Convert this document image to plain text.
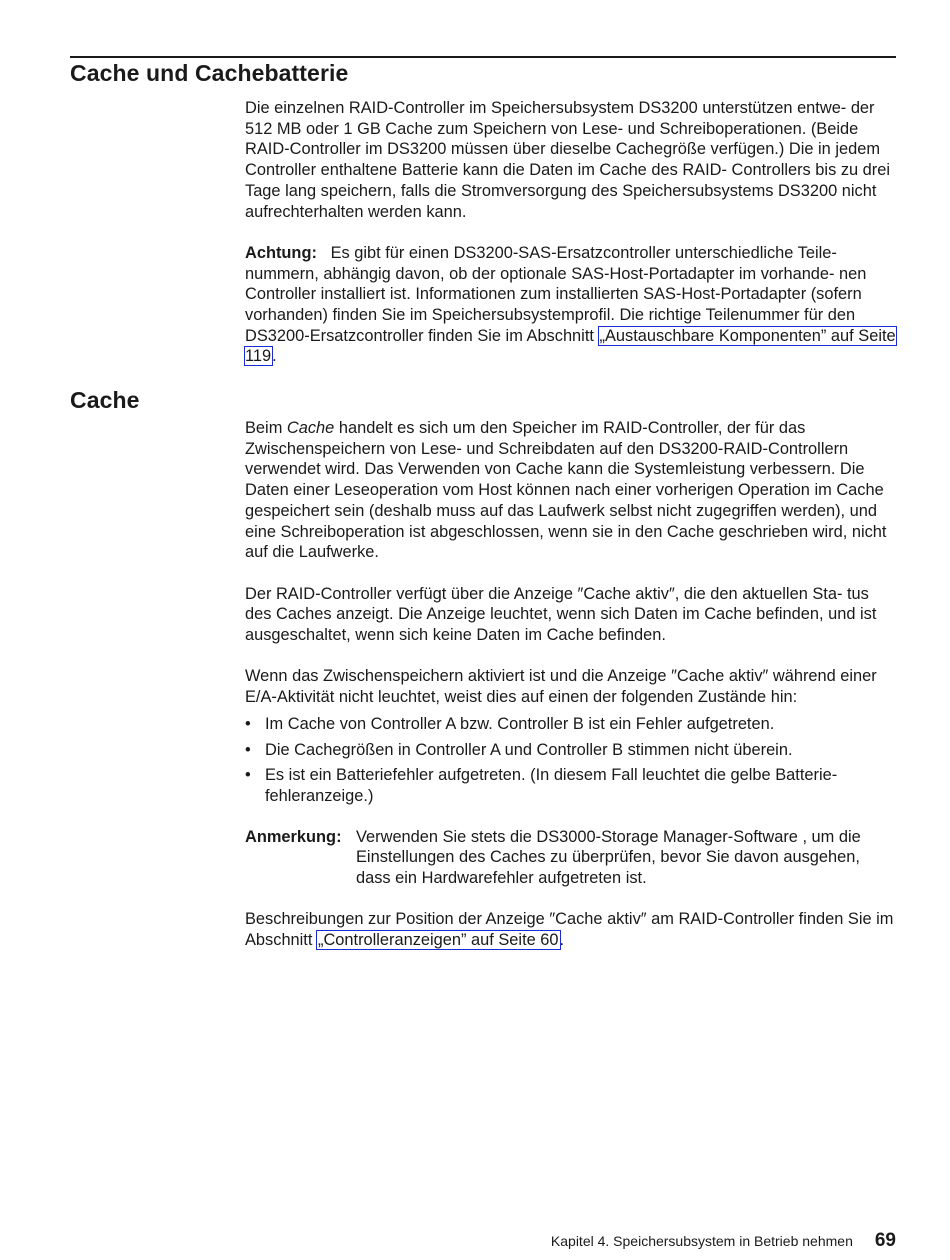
Cache und Cachebatterie

Die einzelnen RAID-Controller im Speichersubsystem DS3200 unterstützen entwe- der 512 MB oder 1 GB Cache zum Speichern von Lese- und Schreiboperationen. (Beide RAID-Controller im DS3200 müssen über dieselbe Cachegröße verfügen.) Die in jedem Controller enthaltene Batterie kann die Daten im Cache des RAID- Controllers bis zu drei Tage lang speichern, falls die Stromversorgung des Speichersubsystems DS3200 nicht aufrechterhalten werden kann.

Achtung: Es gibt für einen DS3200-SAS-Ersatzcontroller unterschiedliche Teile- nummern, abhängig davon, ob der optionale SAS-Host-Portadapter im vorhande- nen Controller installiert ist. Informationen zum installierten SAS-Host-Portadapter (sofern vorhanden) finden Sie im Speichersubsystemprofil. Die richtige Teilenummer für den DS3200-Ersatzcontroller finden Sie im Abschnitt „Austauschbare Komponenten” auf Seite 119.

Cache

Beim Cache handelt es sich um den Speicher im RAID-Controller, der für das Zwischenspeichern von Lese- und Schreibdaten auf den DS3200-RAID-Controllern verwendet wird. Das Verwenden von Cache kann die Systemleistung verbessern. Die Daten einer Leseoperation vom Host können nach einer vorherigen Operation im Cache gespeichert sein (deshalb muss auf das Laufwerk selbst nicht zugegriffen werden), und eine Schreiboperation ist abgeschlossen, wenn sie in den Cache geschrieben wird, nicht auf die Laufwerke.

Der RAID-Controller verfügt über die Anzeige ″Cache aktiv″, die den aktuellen Sta- tus des Caches anzeigt. Die Anzeige leuchtet, wenn sich Daten im Cache befinden, und ist ausgeschaltet, wenn sich keine Daten im Cache befinden.

Wenn das Zwischenspeichern aktiviert ist und die Anzeige ″Cache aktiv″ während einer E/A-Aktivität nicht leuchtet, weist dies auf einen der folgenden Zustände hin:

• Im Cache von Controller A bzw. Controller B ist ein Fehler aufgetreten.
• Die Cachegrößen in Controller A und Controller B stimmen nicht überein.
• Es ist ein Batteriefehler aufgetreten. (In diesem Fall leuchtet die gelbe Batterie- fehleranzeige.)
Anmerkung: Verwenden Sie stets die DS3000-Storage Manager-Software , um die Einstellungen des Caches zu überprüfen, bevor Sie davon ausgehen, dass ein Hardwarefehler aufgetreten ist.

Beschreibungen zur Position der Anzeige ″Cache aktiv″ am RAID-Controller finden Sie im Abschnitt „Controlleranzeigen” auf Seite 60.

Kapitel 4. Speichersubsystem in Betrieb nehmen 69
